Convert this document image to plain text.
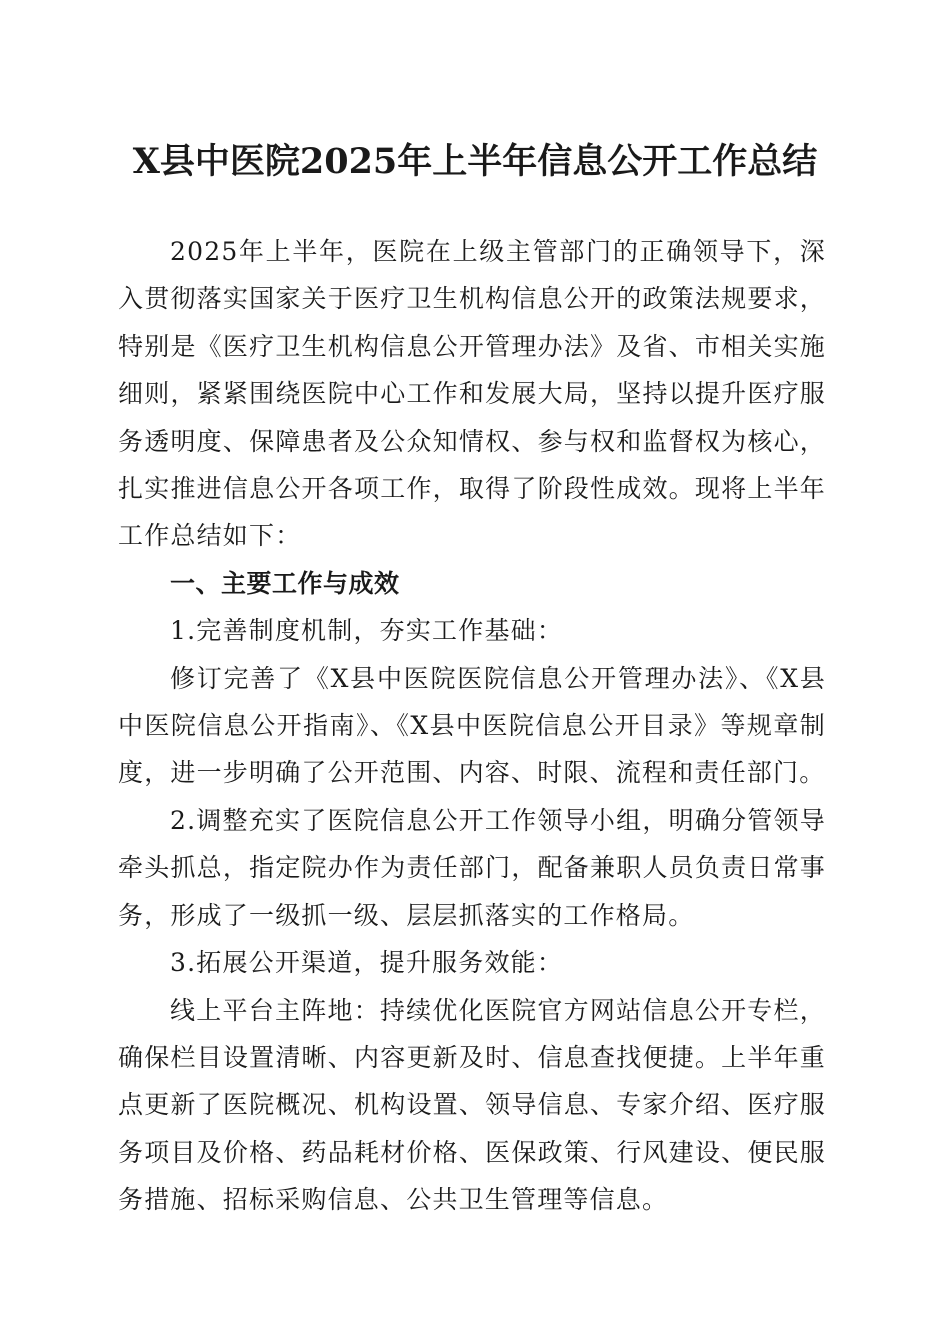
X县中医院2025年上半年信息公开工作总结

2025年上半年，医院在上级主管部门的正确领导下，深入贯彻落实国家关于医疗卫生机构信息公开的政策法规要求，特别是《医疗卫生机构信息公开管理办法》及省、市相关实施细则，紧紧围绕医院中心工作和发展大局，坚持以提升医疗服务透明度、保障患者及公众知情权、参与权和监督权为核心，扎实推进信息公开各项工作，取得了阶段性成效。现将上半年工作总结如下：

一、主要工作与成效

1.完善制度机制，夯实工作基础：

修订完善了《X县中医院医院信息公开管理办法》、《X县中医院信息公开指南》、《X县中医院信息公开目录》等规章制度，进一步明确了公开范围、内容、时限、流程和责任部门。

2.调整充实了医院信息公开工作领导小组，明确分管领导牵头抓总，指定院办作为责任部门，配备兼职人员负责日常事务，形成了一级抓一级、层层抓落实的工作格局。

3.拓展公开渠道，提升服务效能：

线上平台主阵地：持续优化医院官方网站信息公开专栏，确保栏目设置清晰、内容更新及时、信息查找便捷。上半年重点更新了医院概况、机构设置、领导信息、专家介绍、医疗服务项目及价格、药品耗材价格、医保政策、行风建设、便民服务措施、招标采购信息、公共卫生管理等信息。
